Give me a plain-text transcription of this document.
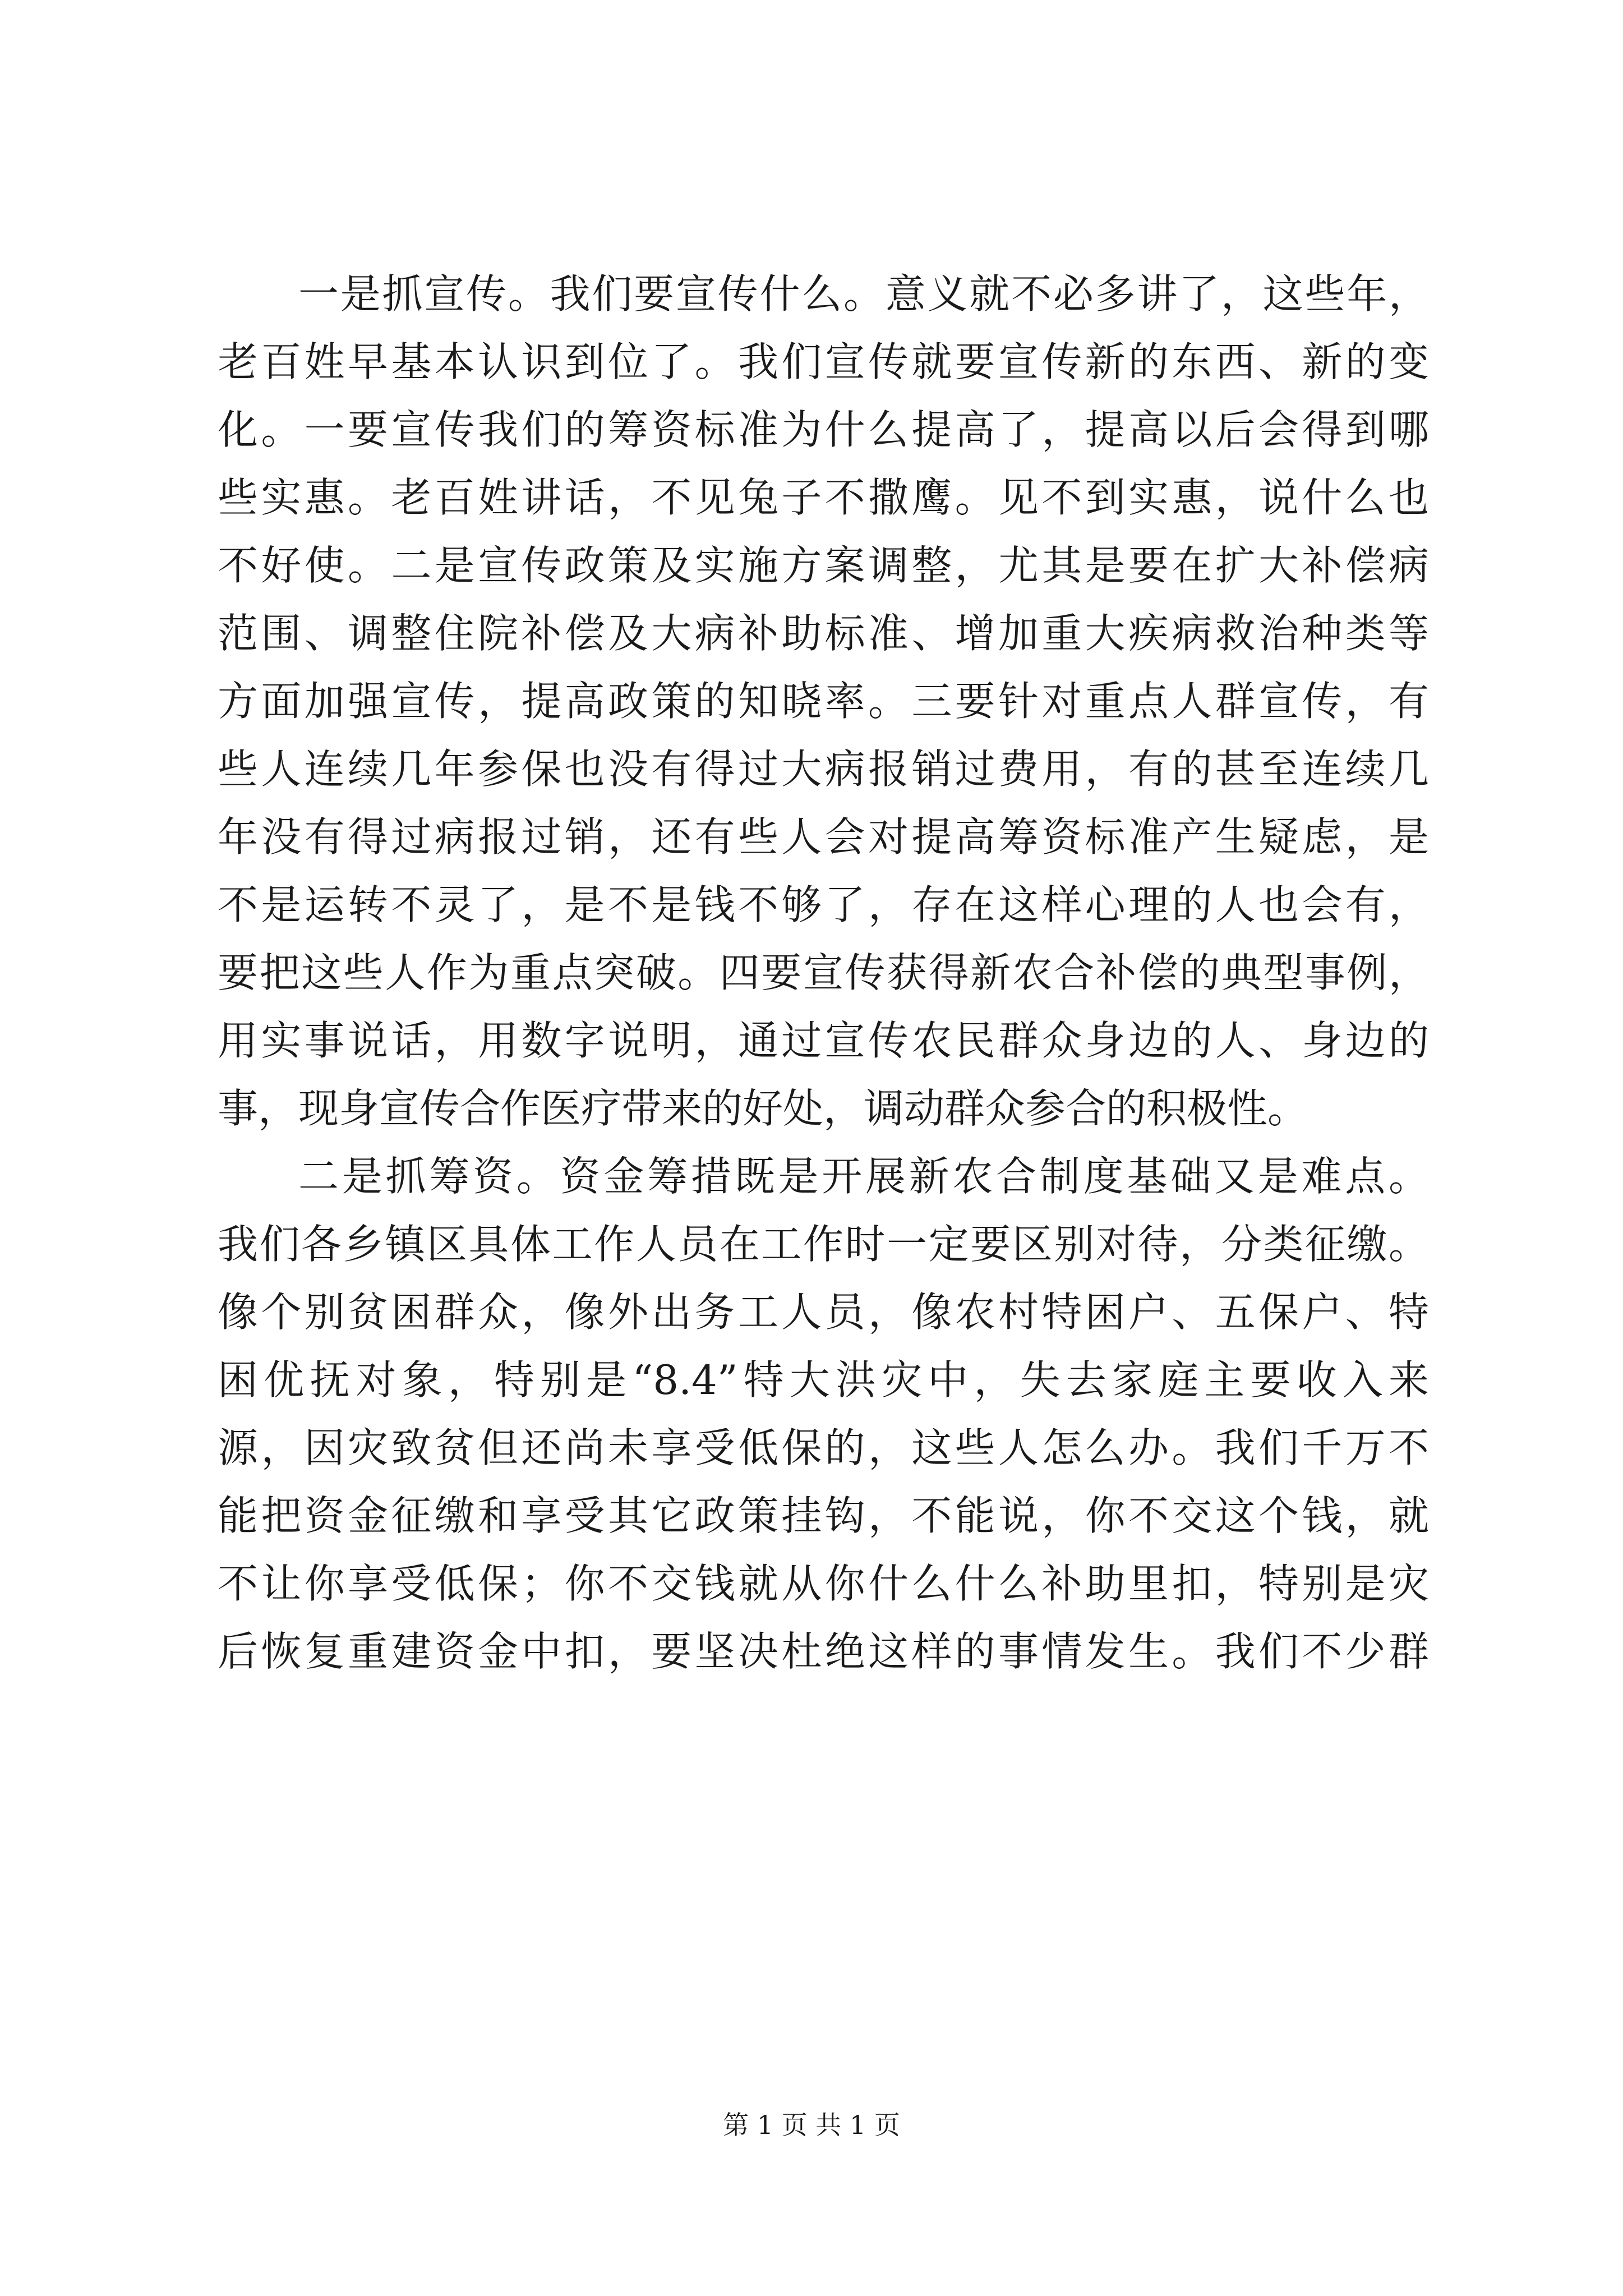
一是抓宣传。我们要宣传什么。意义就不必多讲了，这些年，
老百姓早基本认识到位了。我们宣传就要宣传新的东西、新的变
化。一要宣传我们的筹资标准为什么提高了，提高以后会得到哪
些实惠。老百姓讲话，不见兔子不撒鹰。见不到实惠，说什么也
不好使。二是宣传政策及实施方案调整，尤其是要在扩大补偿病
范围、调整住院补偿及大病补助标准、增加重大疾病救治种类等
方面加强宣传，提高政策的知晓率。三要针对重点人群宣传，有
些人连续几年参保也没有得过大病报销过费用，有的甚至连续几
年没有得过病报过销，还有些人会对提高筹资标准产生疑虑，是
不是运转不灵了，是不是钱不够了，存在这样心理的人也会有，
要把这些人作为重点突破。四要宣传获得新农合补偿的典型事例，
用实事说话，用数字说明，通过宣传农民群众身边的人、身边的
事，现身宣传合作医疗带来的好处，调动群众参合的积极性。
二是抓筹资。资金筹措既是开展新农合制度基础又是难点。
我们各乡镇区具体工作人员在工作时一定要区别对待，分类征缴。
像个别贫困群众，像外出务工人员，像农村特困户、五保户、特
困优抚对象，特别是“8.4”特大洪灾中，失去家庭主要收入来
源，因灾致贫但还尚未享受低保的，这些人怎么办。我们千万不
能把资金征缴和享受其它政策挂钩，不能说，你不交这个钱，就
不让你享受低保；你不交钱就从你什么什么补助里扣，特别是灾
后恢复重建资金中扣，要坚决杜绝这样的事情发生。我们不少群
第 1 页 共 1 页
